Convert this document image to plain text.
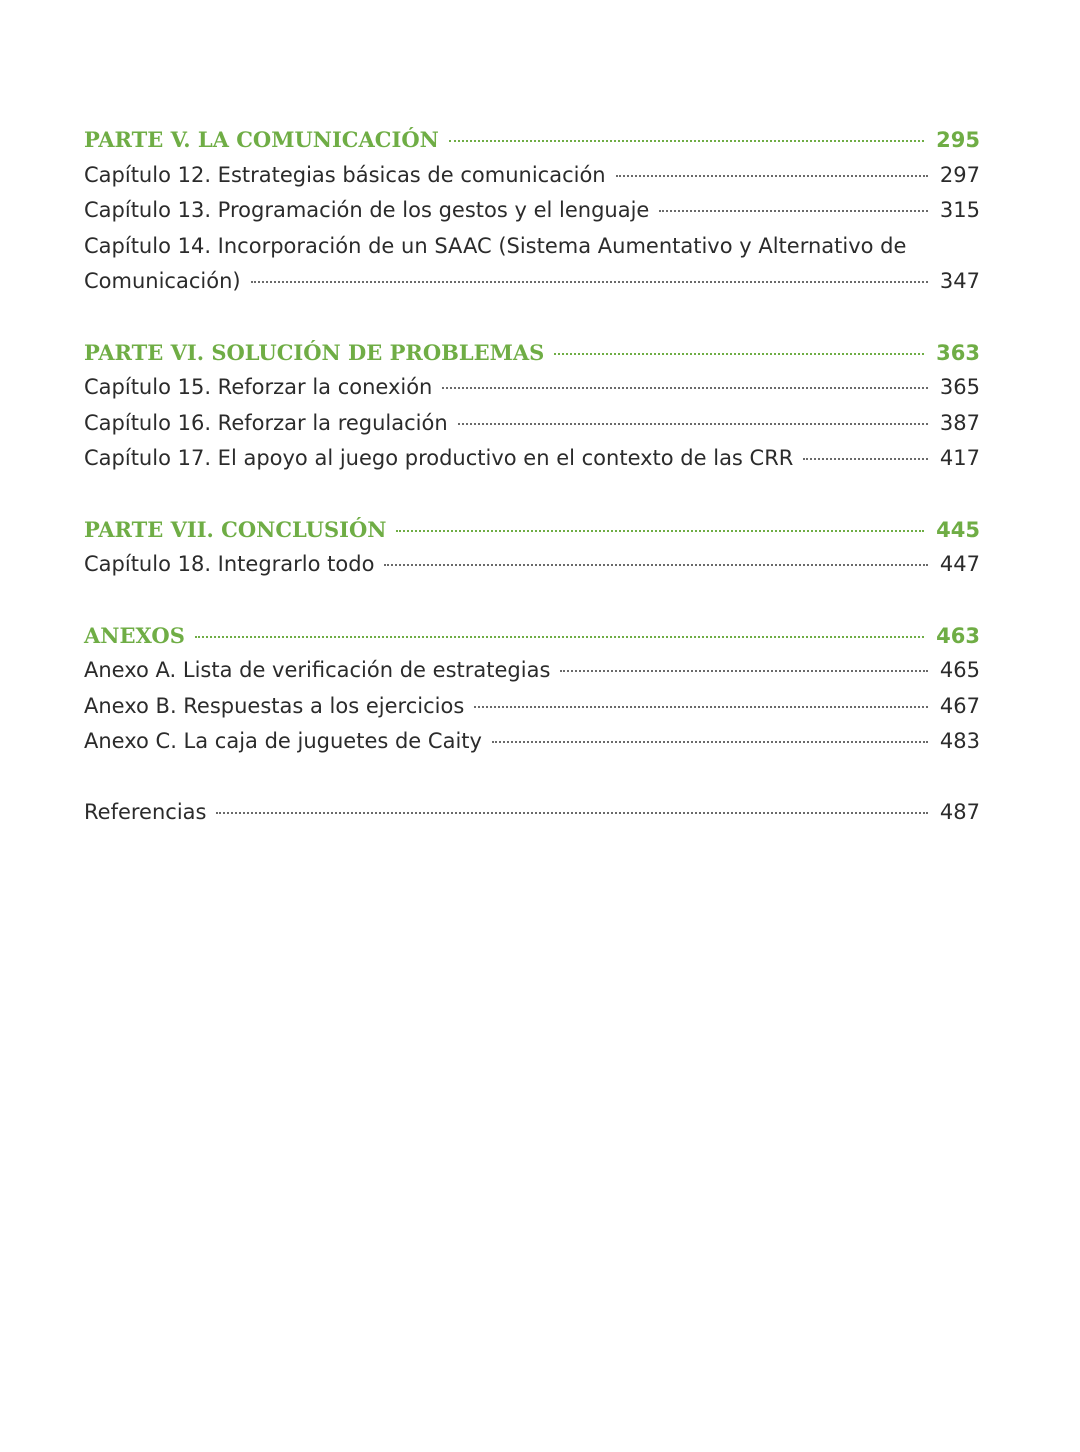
PARTE V. LA COMUNICACIÓN	295
Capítulo 12. Estrategias básicas de comunicación	297
Capítulo 13. Programación de los gestos y el lenguaje	315
Capítulo 14. Incorporación de un SAAC (Sistema Aumentativo y Alternativo de
Comunicación)	347
PARTE VI. SOLUCIÓN DE PROBLEMAS	363
Capítulo 15. Reforzar la conexión	365
Capítulo 16. Reforzar la regulación	387
Capítulo 17. El apoyo al juego productivo en el contexto de las CRR	417
PARTE VII. CONCLUSIÓN	445
Capítulo 18. Integrarlo todo	447
ANEXOS	463
Anexo A. Lista de verificación de estrategias	465
Anexo B. Respuestas a los ejercicios	467
Anexo C. La caja de juguetes de Caity	483
Referencias	487
